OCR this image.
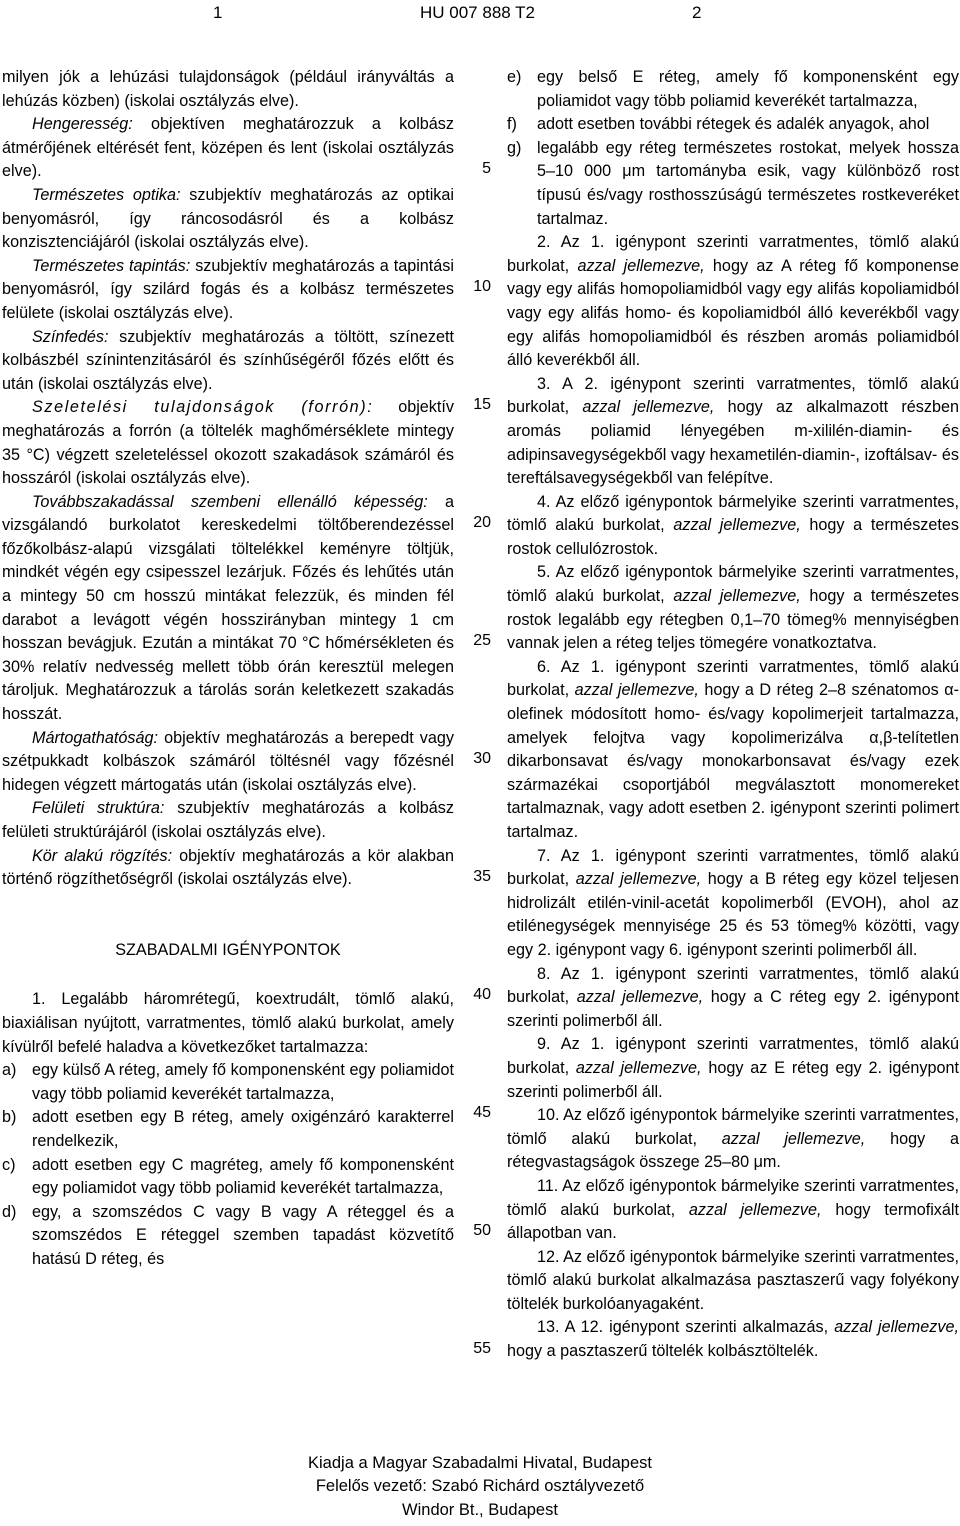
1	HU 007 888 T2	2

milyen jók a lehúzási tulajdonságok (például irányváltás a lehúzás közben) (iskolai osztályzás elve).

Hengeresség: objektíven meghatározzuk a kolbász átmérőjének eltérését fent, középen és lent (iskolai osztályzás elve).

Természetes optika: szubjektív meghatározás az optikai benyomásról, így ráncosodásról és a kolbász konzisztenciájáról (iskolai osztályzás elve).

Természetes tapintás: szubjektív meghatározás a tapintási benyomásról, így szilárd fogás és a kolbász természetes felülete (iskolai osztályzás elve).

Színfedés: szubjektív meghatározás a töltött, színezett kolbászbél színintenzitásáról és színhűségéről főzés előtt és után (iskolai osztályzás elve).

Szeletelési tulajdonságok (forrón): objektív meghatározás a forrón (a töltelék maghőmérséklete mintegy 35 °C) végzett szeleteléssel okozott szakadások számáról és hosszáról (iskolai osztályzás elve).

Továbbszakadással szembeni ellenálló képesség: a vizsgálandó burkolatot kereskedelmi töltőberendezéssel főzőkolbász-alapú vizsgálati töltelékkel keményre töltjük, mindkét végén egy csipesszel lezárjuk. Főzés és lehűtés után a mintegy 50 cm hosszú mintákat felezzük, és minden fél darabot a levágott végén hosszirányban mintegy 1 cm hosszan bevágjuk. Ezután a mintákat 70 °C hőmérsékleten és 30% relatív nedvesség mellett több órán keresztül melegen tároljuk. Meghatározzuk a tárolás során keletkezett szakadás hosszát.

Mártogathatóság: objektív meghatározás a berepedt vagy szétpukkadt kolbászok számáról töltésnél vagy főzésnél hidegen végzett mártogatás után (iskolai osztályzás elve).

Felületi struktúra: szubjektív meghatározás a kolbász felületi struktúrájáról (iskolai osztályzás elve).

Kör alakú rögzítés: objektív meghatározás a kör alakban történő rögzíthetőségről (iskolai osztályzás elve).

SZABADALMI IGÉNYPONTOK

1. Legalább háromrétegű, koextrudált, tömlő alakú, biaxiálisan nyújtott, varratmentes, tömlő alakú burkolat, amely kívülről befelé haladva a következőket tartalmazza:

a) egy külső A réteg, amely fő komponensként egy poliamidot vagy több poliamid keverékét tartalmazza,
b) adott esetben egy B réteg, amely oxigénzáró karakterrel rendelkezik,
c)	adott esetben egy C magréteg, amely fő komponensként egy poliamidot vagy több poliamid keverékét tartalmazza,
d) egy, a szomszédos C vagy B vagy A réteggel és a szomszédos E réteggel szemben tapadást közvetítő hatású D réteg, és
5
10
15
20
25
30
35
40
45
50
55
e) egy belső E réteg, amely fő komponensként egy poliamidot vagy több poliamid keverékét tartalmazza,
f)	adott esetben további rétegek és adalék anyagok, ahol
g) legalább egy réteg természetes rostokat, melyek hossza 5–10 000 μm tartományba esik, vagy különböző rost típusú és/vagy rosthosszúságú természetes rostkeveréket tartalmaz.

2. Az 1. igénypont szerinti varratmentes, tömlő alakú burkolat, azzal jellemezve, hogy az A réteg fő komponense vagy egy alifás homopoliamidból vagy egy alifás kopoliamidból vagy egy alifás homo- és kopoliamidból álló keverékből vagy egy alifás homopoliamidból és részben aromás poliamidból álló keverékből áll.

3. A 2. igénypont szerinti varratmentes, tömlő alakú burkolat, azzal jellemezve, hogy az alkalmazott részben aromás poliamid lényegében m-xililén-diamin- és adipinsavegységekből vagy hexametilén-diamin-, izoftálsav- és tereftálsavegységekből van felépítve.

4. Az előző igénypontok bármelyike szerinti varratmentes, tömlő alakú burkolat, azzal jellemezve, hogy a természetes rostok cellulózrostok.

5. Az előző igénypontok bármelyike szerinti varratmentes, tömlő alakú burkolat, azzal jellemezve, hogy a természetes rostok legalább egy rétegben 0,1–70 tömeg% mennyiségben vannak jelen a réteg teljes tömegére vonatkoztatva.

6. Az 1. igénypont szerinti varratmentes, tömlő alakú burkolat, azzal jellemezve, hogy a D réteg 2–8 szénatomos α-olefinek módosított homo- és/vagy kopolimerjeit tartalmazza, amelyek felojtva vagy kopolimerizálva α,β-telítetlen dikarbonsavat és/vagy monokarbonsavat és/vagy ezek származékai csoportjából megválasztott monomereket tartalmaznak, vagy adott esetben 2. igénypont szerinti polimert tartalmaz.

7. Az 1. igénypont szerinti varratmentes, tömlő alakú burkolat, azzal jellemezve, hogy a B réteg egy közel teljesen hidrolizált etilén-vinil-acetát kopolimerből (EVOH), ahol az etilénegységek mennyisége 25 és 53 tömeg% közötti, vagy egy 2. igénypont vagy 6. igénypont szerinti polimerből áll.

8. Az 1. igénypont szerinti varratmentes, tömlő alakú burkolat, azzal jellemezve, hogy a C réteg egy 2. igénypont szerinti polimerből áll.

9. Az 1. igénypont szerinti varratmentes, tömlő alakú burkolat, azzal jellemezve, hogy az E réteg egy 2. igénypont szerinti polimerből áll.

10. Az előző igénypontok bármelyike szerinti varratmentes, tömlő alakú burkolat, azzal jellemezve, hogy a rétegvastagságok összege 25–80 μm.

11. Az előző igénypontok bármelyike szerinti varratmentes, tömlő alakú burkolat, azzal jellemezve, hogy termofixált állapotban van.

12. Az előző igénypontok bármelyike szerinti varratmentes, tömlő alakú burkolat alkalmazása pasztaszerű vagy folyékony töltelék burkolóanyagaként.

13. A 12. igénypont szerinti alkalmazás, azzal jellemezve, hogy a pasztaszerű töltelék kolbásztöltelék.

Kiadja a Magyar Szabadalmi Hivatal, Budapest
Felelős vezető: Szabó Richárd osztályvezető
Windor Bt., Budapest
